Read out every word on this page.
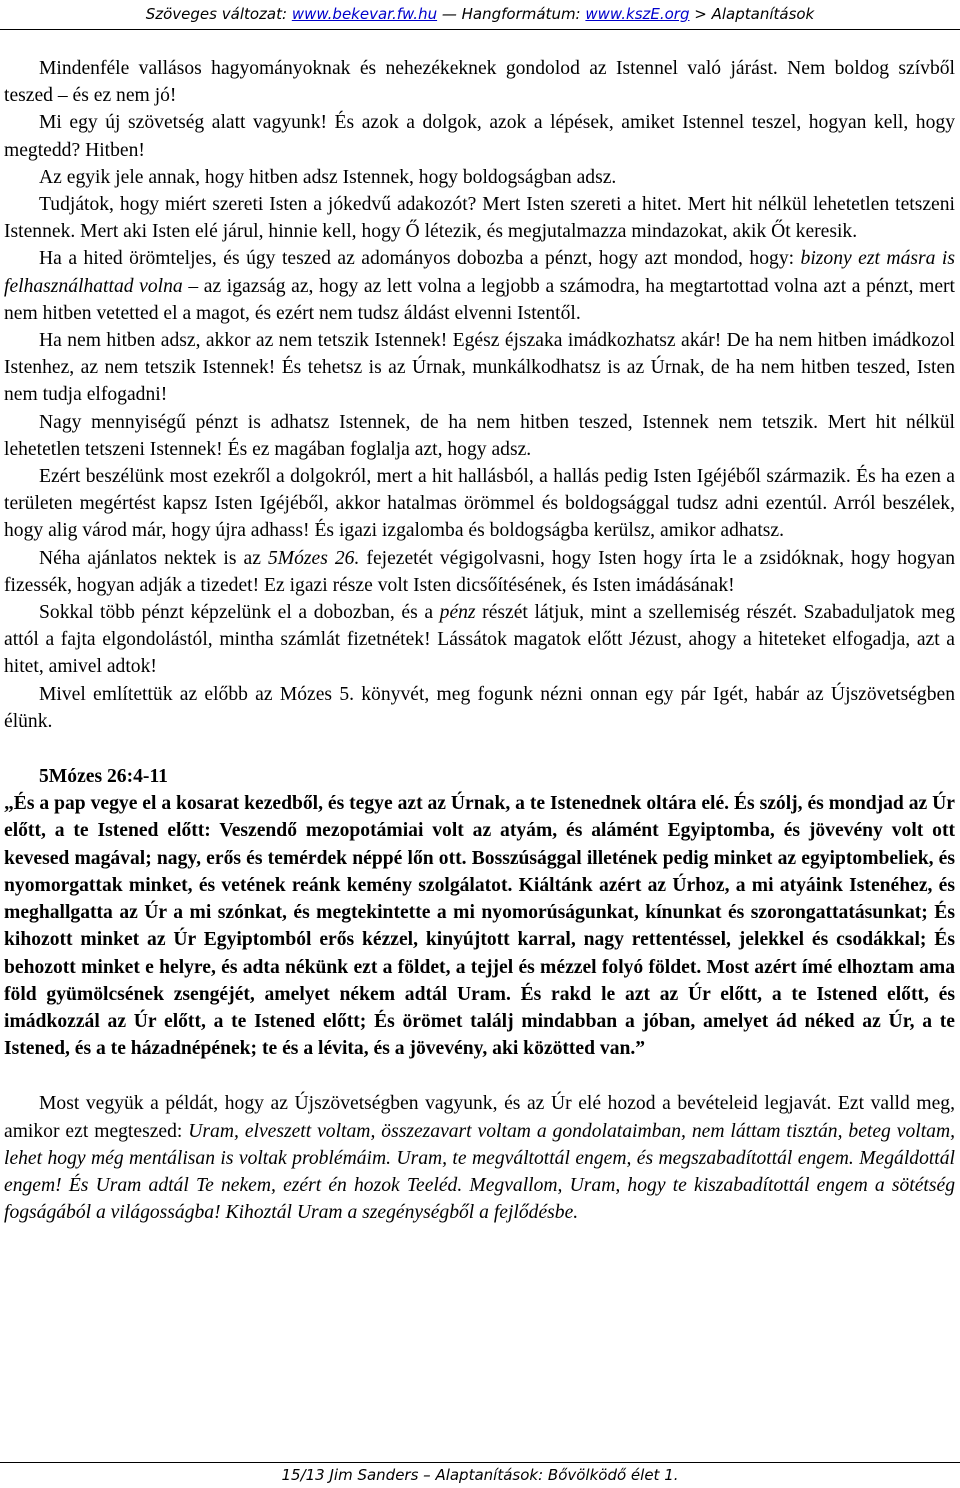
Szöveges változat: www.bekevar.fw.hu — Hangformátum: www.kszE.org > Alaptanítások

Mindenféle vallásos hagyományoknak és nehezékeknek gondolod az Istennel való járást. Nem boldog szívből teszed – és ez nem jó!

Mi egy új szövetség alatt vagyunk! És azok a dolgok, azok a lépések, amiket Istennel teszel, hogyan kell, hogy megtedd? Hitben!

Az egyik jele annak, hogy hitben adsz Istennek, hogy boldogságban adsz.

Tudjátok, hogy miért szereti Isten a jókedvű adakozót? Mert Isten szereti a hitet. Mert hit nélkül lehetetlen tetszeni Istennek. Mert aki Isten elé járul, hinnie kell, hogy Ő létezik, és megjutalmazza mindazokat, akik Őt keresik.

Ha a hited örömteljes, és úgy teszed az adományos dobozba a pénzt, hogy azt mondod, hogy: bizony ezt másra is felhasználhattad volna – az igazság az, hogy az lett volna a legjobb a számodra, ha megtartottad volna azt a pénzt, mert nem hitben vetetted el a magot, és ezért nem tudsz áldást elvenni Istentől.

Ha nem hitben adsz, akkor az nem tetszik Istennek! Egész éjszaka imádkozhatsz akár! De ha nem hitben imádkozol Istenhez, az nem tetszik Istennek! És tehetsz is az Úrnak, munkálkodhatsz is az Úrnak, de ha nem hitben teszed, Isten nem tudja elfogadni!

Nagy mennyiségű pénzt is adhatsz Istennek, de ha nem hitben teszed, Istennek nem tetszik. Mert hit nélkül lehetetlen tetszeni Istennek! És ez magában foglalja azt, hogy adsz.

Ezért beszélünk most ezekről a dolgokról, mert a hit hallásból, a hallás pedig Isten Igéjéből származik. És ha ezen a területen megértést kapsz Isten Igéjéből, akkor hatalmas örömmel és boldogsággal tudsz adni ezentúl. Arról beszélek, hogy alig várod már, hogy újra adhass! És igazi izgalomba és boldogságba kerülsz, amikor adhatsz.

Néha ajánlatos nektek is az 5Mózes 26. fejezetét végigolvasni, hogy Isten hogy írta le a zsidóknak, hogy hogyan fizessék, hogyan adják a tizedet! Ez igazi része volt Isten dicsőítésének, és Isten imádásának!

Sokkal több pénzt képzelünk el a dobozban, és a pénz részét látjuk, mint a szellemiség részét. Szabaduljatok meg attól a fajta elgondolástól, mintha számlát fizetnétek! Lássátok magatok előtt Jézust, ahogy a hiteteket elfogadja, azt a hitet, amivel adtok!

Mivel említettük az előbb az Mózes 5. könyvét, meg fogunk nézni onnan egy pár Igét, habár az Újszövetségben élünk.

5Mózes 26:4-11

„És a pap vegye el a kosarat kezedből, és tegye azt az Úrnak, a te Istenednek oltára elé. És szólj, és mondjad az Úr előtt, a te Istened előtt: Veszendő mezopotámiai volt az atyám, és alámént Egyiptomba, és jövevény volt ott kevesed magával; nagy, erős és temérdek néppé lőn ott. Bosszúsággal illetének pedig minket az egyiptombeliek, és nyomorgattak minket, és vetének reánk kemény szolgálatot. Kiáltánk azért az Úrhoz, a mi atyáink Istenéhez, és meghallgatta az Úr a mi szónkat, és megtekintette a mi nyomorúságunkat, kínunkat és szorongattatásunkat; És kihozott minket az Úr Egyiptomból erős kézzel, kinyújtott karral, nagy rettentéssel, jelekkel és csodákkal; És behozott minket e helyre, és adta nékünk ezt a földet, a tejjel és mézzel folyó földet. Most azért ímé elhoztam ama föld gyümölcsének zsengéjét, amelyet nékem adtál Uram. És rakd le azt az Úr előtt, a te Istened előtt, és imádkozzál az Úr előtt, a te Istened előtt; És örömet találj mindabban a jóban, amelyet ád néked az Úr, a te Istened, és a te házadnépének; te és a lévita, és a jövevény, aki közötted van.”

Most vegyük a példát, hogy az Újszövetségben vagyunk, és az Úr elé hozod a bevételeid legjavát. Ezt valld meg, amikor ezt megteszed: Uram, elveszett voltam, összezavart voltam a gondolataimban, nem láttam tisztán, beteg voltam, lehet hogy még mentálisan is voltak problémáim. Uram, te megváltottál engem, és megszabadítottál engem. Megáldottál engem! És Uram adtál Te nekem, ezért én hozok Teeléd. Megvallom, Uram, hogy te kiszabadítottál engem a sötétség fogságából a világosságba! Kihoztál Uram a szegénységből a fejlődésbe.

15/13 Jim Sanders – Alaptanítások: Bővölködő élet 1.
